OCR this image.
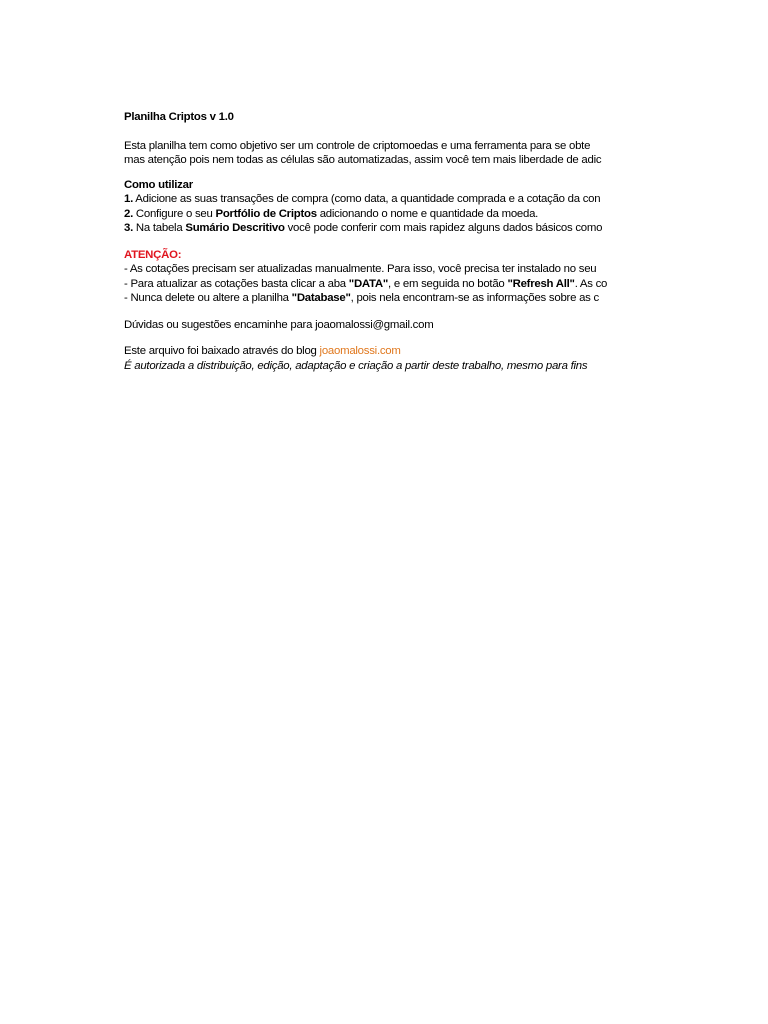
Planilha Criptos v 1.0
Esta planilha tem como objetivo ser um controle de criptomoedas e uma ferramenta para se obte
mas atenção pois nem todas as células são automatizadas, assim você tem mais liberdade de adic
Como utilizar
1. Adicione as suas transações de compra (como data, a quantidade comprada e a cotação da con
2. Configure o seu Portfólio de Criptos adicionando o nome e quantidade da moeda.
3. Na tabela Sumário Descritivo você pode conferir com mais rapidez alguns dados básicos como
ATENÇÃO:
- As cotações precisam ser atualizadas manualmente. Para isso, você precisa ter instalado no seu
- Para atualizar as cotações basta clicar a aba "DATA", e em seguida no botão "Refresh All". As co
- Nunca delete ou altere a planilha "Database", pois nela encontram-se as informações sobre as c
Dúvidas ou sugestões encaminhe para joaomalossi@gmail.com
Este arquivo foi baixado através do blog joaomalossi.com
É autorizada a distribuição, edição, adaptação e criação a partir deste trabalho, mesmo para fins
